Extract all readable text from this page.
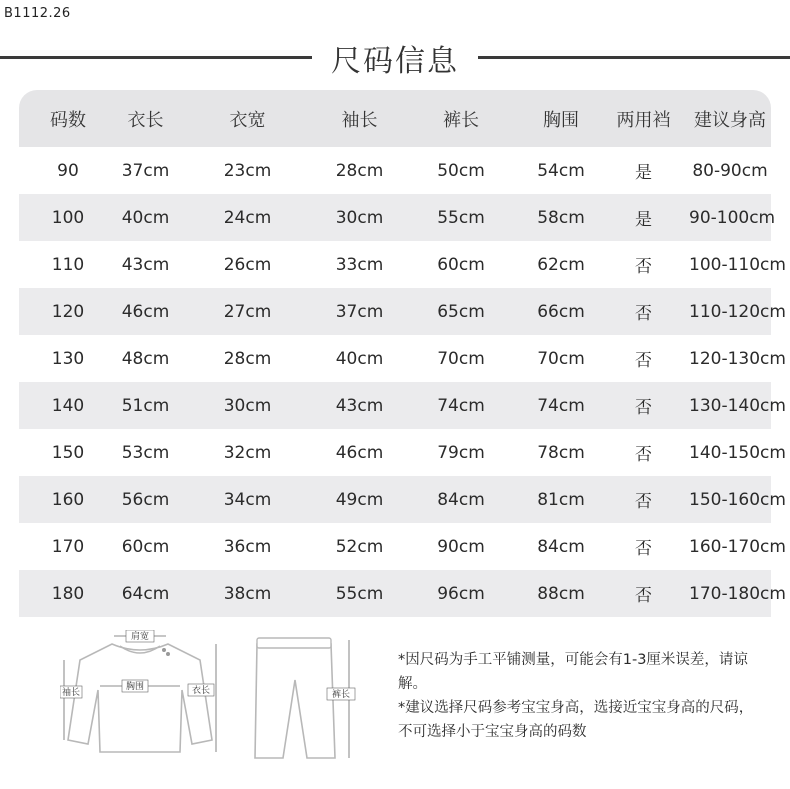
B1112.26
尺码信息
码数	衣长	衣宽	袖长	裤长	胸围	两用裆	建议身高
90	37cm	23cm	28cm	50cm	54cm	是	80-90cm
100	40cm	24cm	30cm	55cm	58cm	是	90-100cm
110	43cm	26cm	33cm	60cm	62cm	否	100-110cm
120	46cm	27cm	37cm	65cm	66cm	否	110-120cm
130	48cm	28cm	40cm	70cm	70cm	否	120-130cm
140	51cm	30cm	43cm	74cm	74cm	否	130-140cm
150	53cm	32cm	46cm	79cm	78cm	否	140-150cm
160	56cm	34cm	49cm	84cm	81cm	否	150-160cm
170	60cm	36cm	52cm	90cm	84cm	否	160-170cm
180	64cm	38cm	55cm	96cm	88cm	否	170-180cm
肩宽
袖长
胸围	衣长	裤长

*因尺码为手工平铺测量，可能会有1-3厘米误差，请谅解。

*建议选择尺码参考宝宝身高，选接近宝宝身高的尺码，不可选择小于宝宝身高的码数
